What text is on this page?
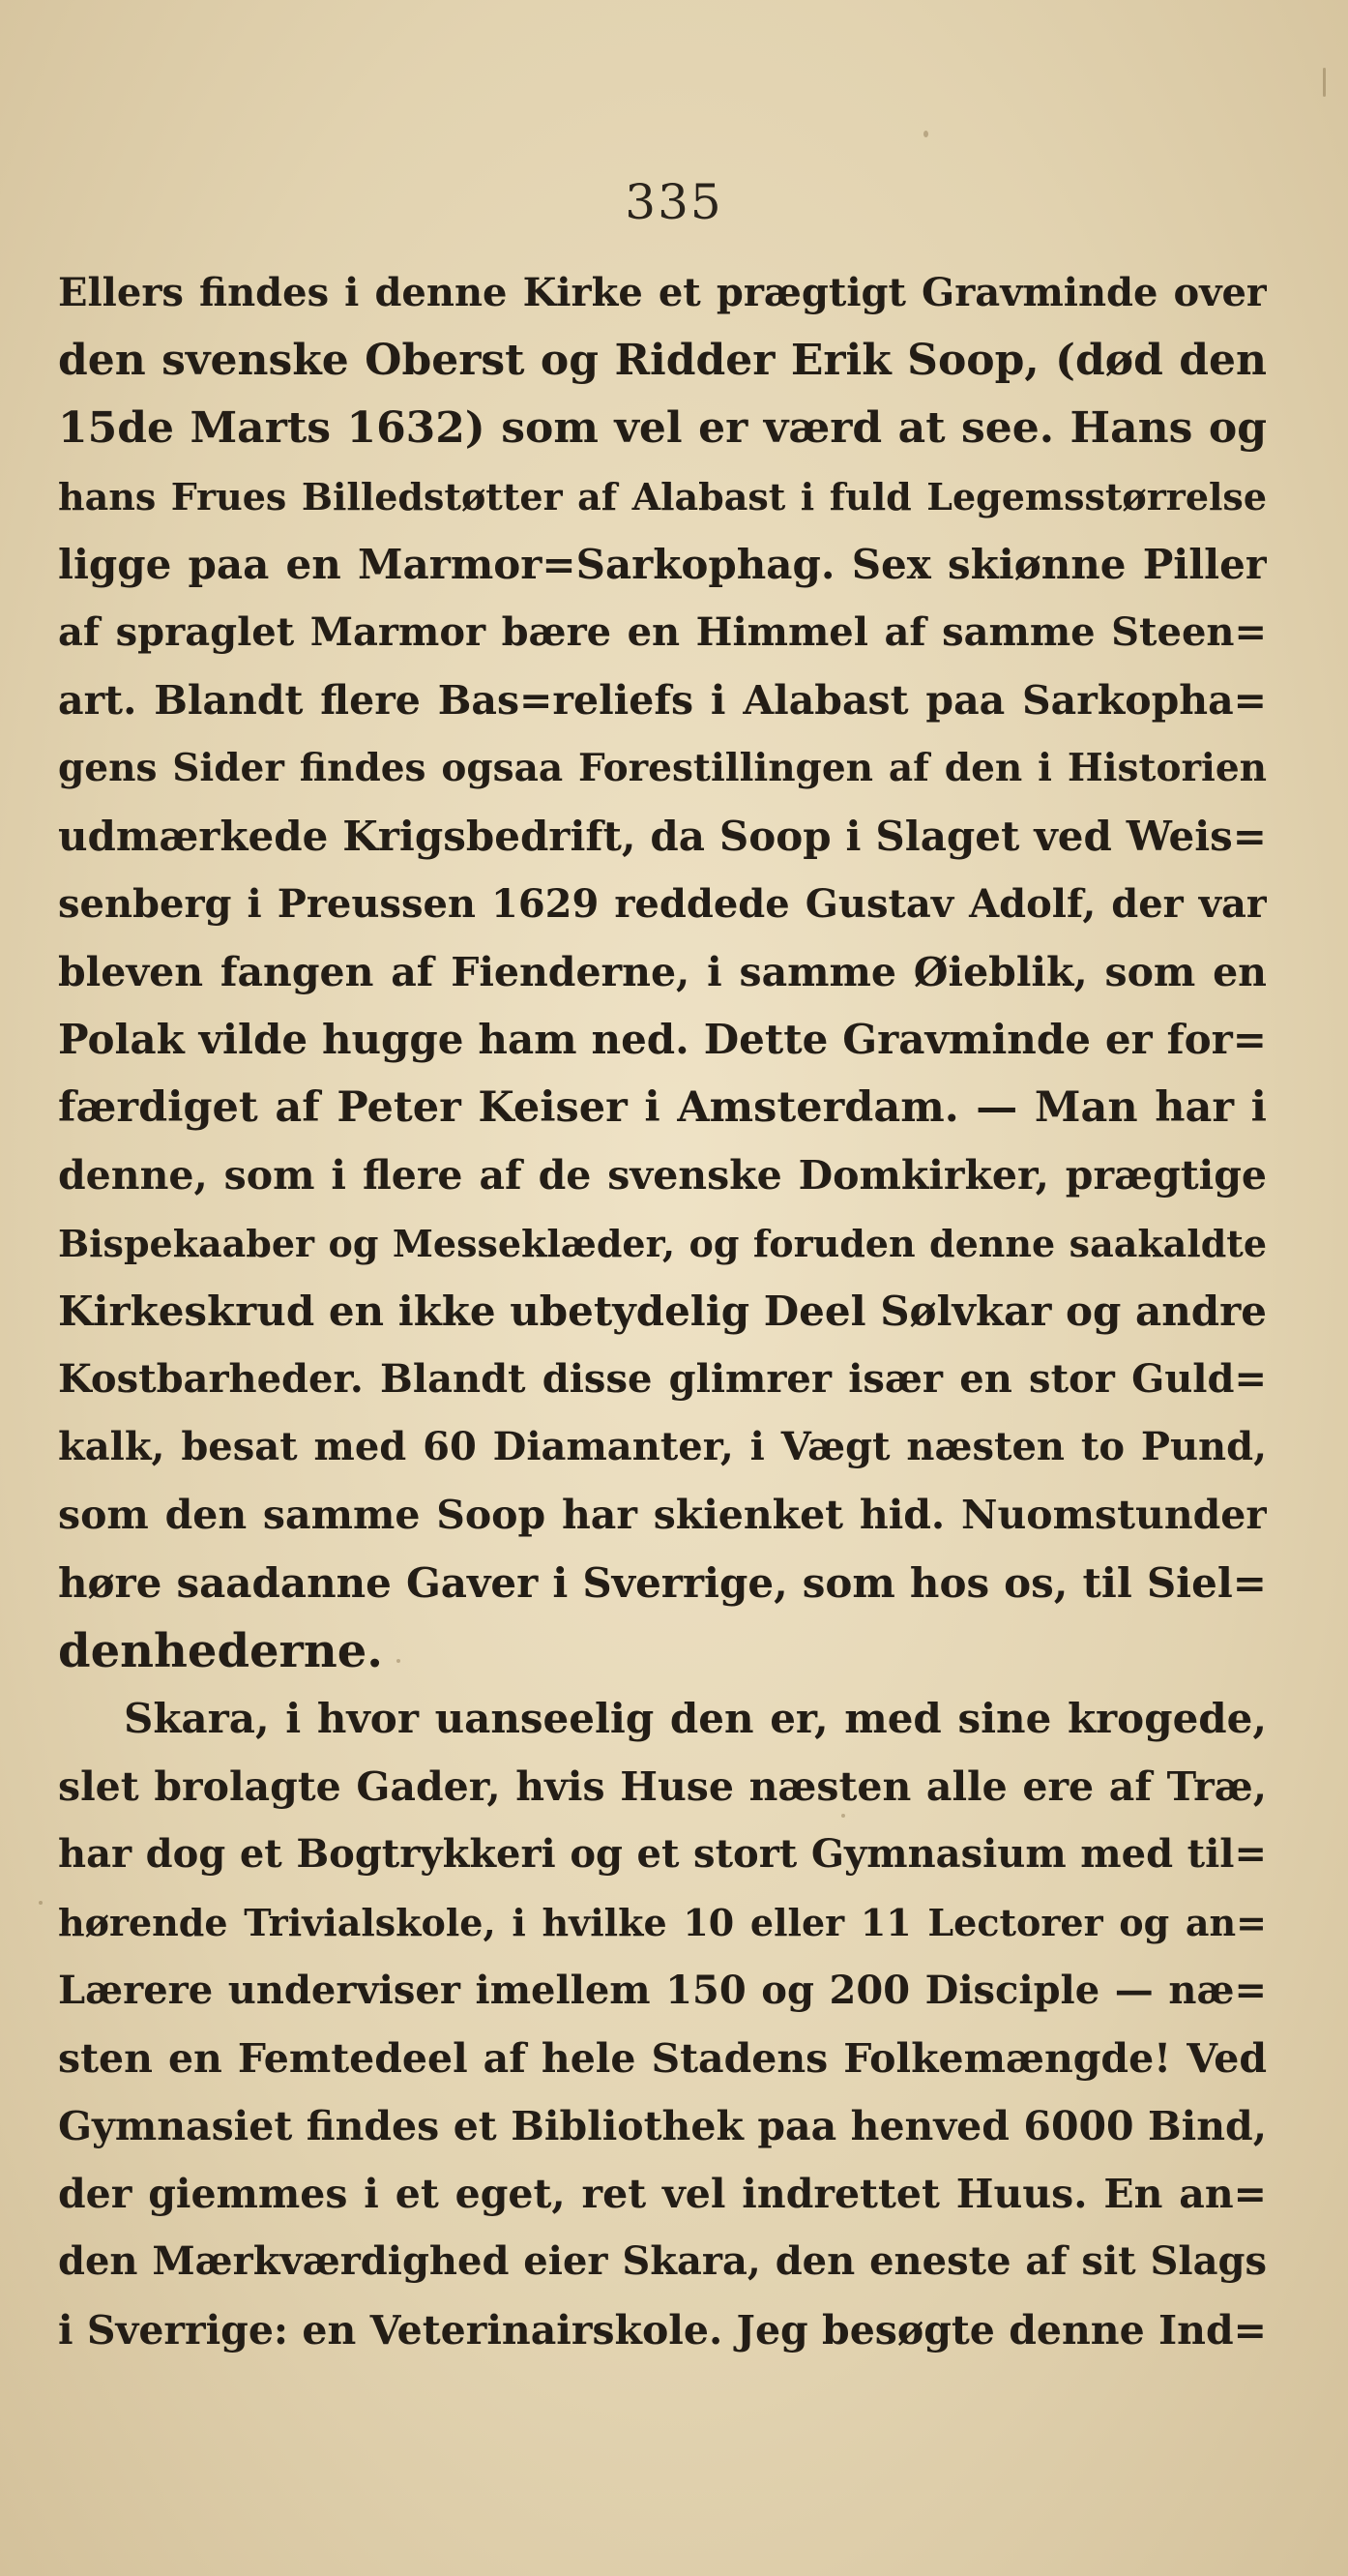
335
Ellers findes i denne Kirke et prægtigt Gravminde over
den svenske Oberst og Ridder Erik Soop, (død den
15de Marts 1632) som vel er værd at see. Hans og
hans Frues Billedstøtter af Alabast i fuld Legemsstørrelse
ligge paa en Marmor=Sarkophag. Sex skiønne Piller
af spraglet Marmor bære en Himmel af samme Steen=
art. Blandt flere Bas=reliefs i Alabast paa Sarkopha=
gens Sider findes ogsaa Forestillingen af den i Historien
udmærkede Krigsbedrift, da Soop i Slaget ved Weis=
senberg i Preussen 1629 reddede Gustav Adolf, der var
bleven fangen af Fienderne, i samme Øieblik, som en
Polak vilde hugge ham ned. Dette Gravminde er for=
færdiget af Peter Keiser i Amsterdam. — Man har i
denne, som i flere af de svenske Domkirker, prægtige
Bispekaaber og Messeklæder, og foruden denne saakaldte
Kirkeskrud en ikke ubetydelig Deel Sølvkar og andre
Kostbarheder. Blandt disse glimrer især en stor Guld=
kalk, besat med 60 Diamanter, i Vægt næsten to Pund,
som den samme Soop har skienket hid. Nuomstunder
høre saadanne Gaver i Sverrige, som hos os, til Siel=
denhederne.
Skara, i hvor uanseelig den er, med sine krogede,
slet brolagte Gader, hvis Huse næsten alle ere af Træ,
har dog et Bogtrykkeri og et stort Gymnasium med til=
hørende Trivialskole, i hvilke 10 eller 11 Lectorer og an=
Lærere underviser imellem 150 og 200 Disciple — næ=
sten en Femtedeel af hele Stadens Folkemængde! Ved
Gymnasiet findes et Bibliothek paa henved 6000 Bind,
der giemmes i et eget, ret vel indrettet Huus. En an=
den Mærkværdighed eier Skara, den eneste af sit Slags
i Sverrige: en Veterinairskole. Jeg besøgte denne Ind=
